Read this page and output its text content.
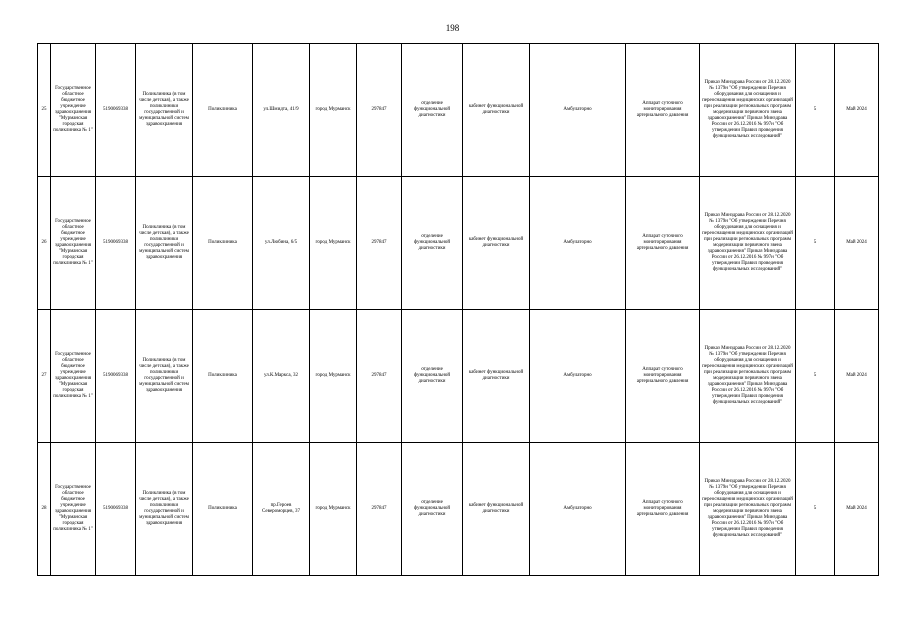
198
25	Государственное областное бюджетное учреждение здравоохранения "Мурманская городская поликлиника № 1"	5190069338	Поликлиника (в том числе детская), а также поликлиники государственной и муниципальной систем здравоохранения	Поликлиника	ул.Шмидта, 41/9	город Мурманск	297847	отделение функциональной диагностики	кабинет функциональной диагностики	Амбулаторно	Аппарат суточного мониторирования артериального давления	Приказ Минздрава России от 28.12.2020 № 1379н "Об утверждении Перечня оборудования для оснащения и переоснащения медицинских организаций при реализации региональных программ модернизации первичного звена здравоохранения" Приказ Минздрава России от 26.12.2016 № 997н "Об утверждении Правил проведения функциональных исследований"	5	Май 2024
26	Государственное областное бюджетное учреждение здравоохранения "Мурманская городская поликлиника № 1"	5190069338	Поликлиника (в том числе детская), а также поликлиники государственной и муниципальной систем здравоохранения	Поликлиника	ул.Любина, 6/5	город Мурманск	297847	отделение функциональной диагностики	кабинет функциональной диагностики	Амбулаторно	Аппарат суточного мониторирования артериального давления	Приказ Минздрава России от 28.12.2020 № 1379н "Об утверждении Перечня оборудования для оснащения и переоснащения медицинских организаций при реализации региональных программ модернизации первичного звена здравоохранения" Приказ Минздрава России от 26.12.2016 № 997н "Об утверждении Правил проведения функциональных исследований"	5	Май 2024
27	Государственное областное бюджетное учреждение здравоохранения "Мурманская городская поликлиника № 1"	5190069338	Поликлиника (в том числе детская), а также поликлиники государственной и муниципальной систем здравоохранения	Поликлиника	ул.К.Маркса, 32	город Мурманск	297847	отделение функциональной диагностики	кабинет функциональной диагностики	Амбулаторно	Аппарат суточного мониторирования артериального давления	Приказ Минздрава России от 28.12.2020 № 1379н "Об утверждении Перечня оборудования для оснащения и переоснащения медицинских организаций при реализации региональных программ модернизации первичного звена здравоохранения" Приказ Минздрава России от 26.12.2016 № 997н "Об утверждении Правил проведения функциональных исследований"	5	Май 2024
28	Государственное областное бюджетное учреждение здравоохранения "Мурманская городская поликлиника № 1"	5190069338	Поликлиника (в том числе детская), а также поликлиники государственной и муниципальной систем здравоохранения	Поликлиника	пр.Героев Североморцев, 37	город Мурманск	297847	отделение функциональной диагностики	кабинет функциональной диагностики	Амбулаторно	Аппарат суточного мониторирования артериального давления	Приказ Минздрава России от 28.12.2020 № 1379н "Об утверждении Перечня оборудования для оснащения и переоснащения медицинских организаций при реализации региональных программ модернизации первичного звена здравоохранения" Приказ Минздрава России от 26.12.2016 № 997н "Об утверждении Правил проведения функциональных исследований"	5	Май 2024
